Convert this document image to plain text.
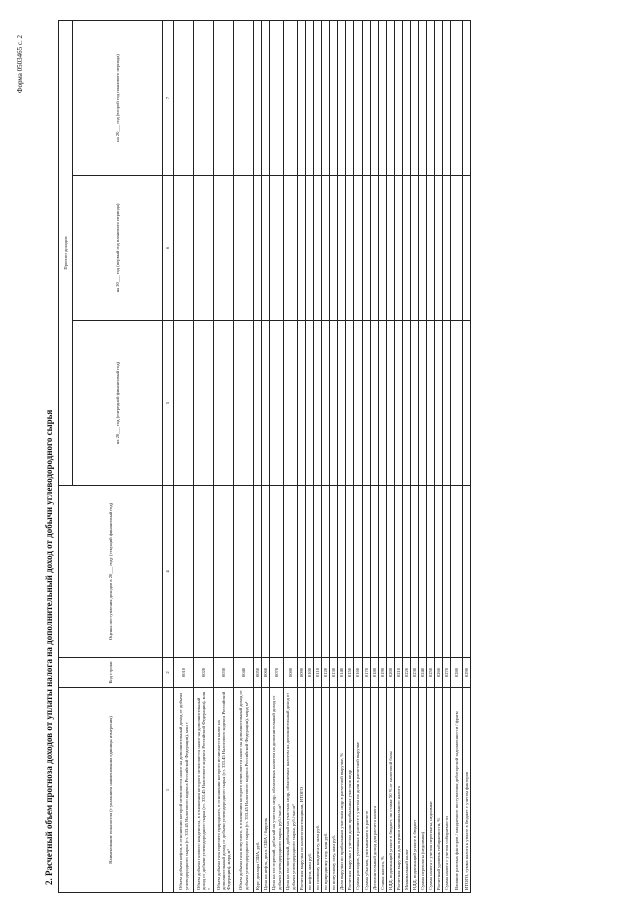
Форма 0503465 с. 2
2. Расчетный объем прогноза доходов от уплаты налога на дополнительный доход от добычи углеводородного сырья	Наименование показателя (с указанием наименования единицы измерения)	Код строки	Оценка поступления доходов в 20___ году (текущий финансовый год)	Прогноз доходов		
			на 20___ год (очередной финансовый год)	на 20___ год (первый год планового периода)	на 20___ год (второй год планового периода)
1	2	4	5	6	7
Объем добычи нефти, в отношении которой исчисляется налог на дополнительный доход от добычи углеводородного сырья (ст. 333.45 Налогового кодекса Российской Федерации), млн т	0010				
Объем добычи газового конденсата, в отношении которого исчисляется налог на дополнительный доход от добычи углеводородного сырья (ст. 333.45 Налогового кодекса Российской Федерации), млн т	0020				
Объем добычи газа горючего природного, в отношении которого исчисляется налог на дополнительный доход от добычи углеводородного сырья (ст. 333.45 Налогового кодекса Российской Федерации), млрд м³	0030				
Объем добычи газа попутного, в отношении которого исчисляется налог на дополнительный доход от добычи углеводородного сырья (ст. 333.45 Налогового кодекса Российской Федерации), млрд м³	0040				
Курс доллара США, руб.	0050				
Цена на нефть, долл. США / баррель	0060				
Цена на газ горючий, добытый на участках недр, облагаемых налогом на дополнительный доход от добычи углеводородного сырья, руб./тыс.м³	0070				
Цена на газ попутный, добытый на участках недр, облагаемых налогом на дополнительный доход от добычи углеводородного сырья, руб./тыс.м³	0080				
Расчетная выручка по налогоплательщикам, ИТОГО	0090				
по нефти, млн руб.	0100				
по газовому конденсату, млн руб.	0110				
по природному газу, млн руб.	0120				
по попутному газу, млн руб.	0130				
Доля выручки по прибыльным участкам недр в расчетной выручке, %	0140				
Расчетная выручка с учетом доли прибыльных участков недр	0150				
Сумма расходов, учтенных в расчете с учетом их доли в расчетной выручке	0160				
Сумма убытков, учитываемого в расчете	0170				
Дополнительный доход для расчета налога	0180				
Ставка налога, %	0190				
НДД, подлежащий уплате в бюджет, по ставке 50 % от налоговой базы	0200				
Расчетная выручка для оценки минимального налога	0210				
Минимальный налог	0220				
НДД, подлежащий уплате в бюджет	0230				
Сумма переплаты (недоимки)	0240				
Сумма налога с учетом переплаты, недоимки	0250				
Расчетный уровень собираемости, %	0260				
Сумма налога с учетом собираемости	0270				
Влияние разовых факторов / ожидаемого поступления дебиторской задолженности / фрагм	0280				
ИТОГО, сумма налога к уплате в бюджет с учетом факторов	0290				
